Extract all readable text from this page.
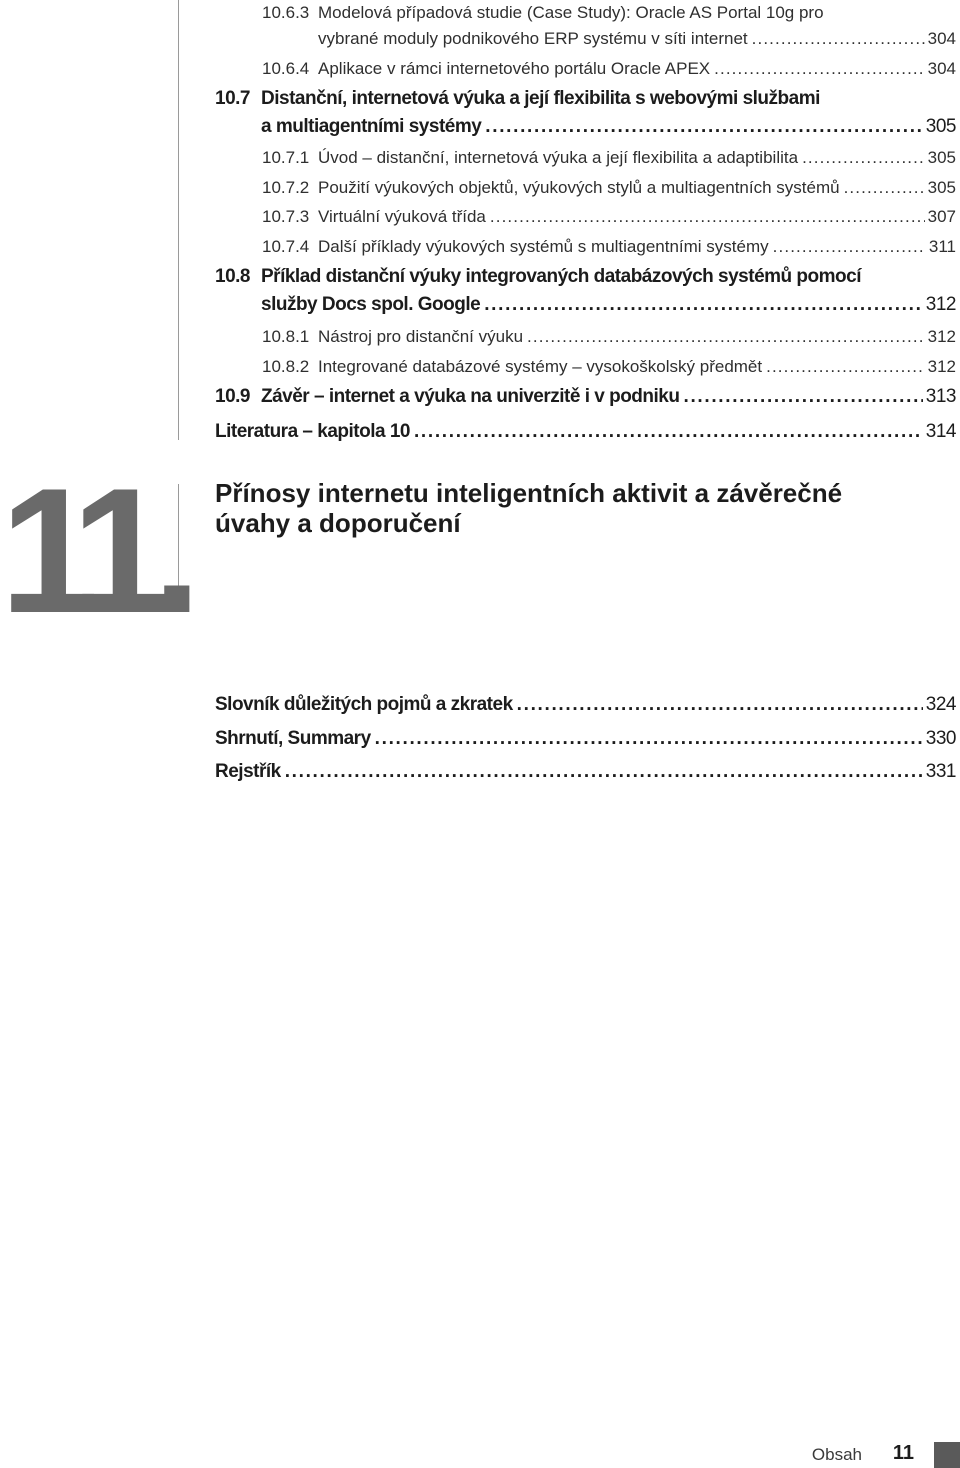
10.6.3 Modelová případová studie (Case Study): Oracle AS Portal 10g pro
vybrané moduly podnikového ERP systému v síti internet . . .	304
10.6.4 Aplikace v rámci internetového portálu Oracle APEX . . .	304
10.7 Distanční, internetová výuka a její flexibilita s webovými službami
a multiagentními systémy . . .	305
10.7.1 Úvod – distanční, internetová výuka a její flexibilita a adaptibilita . . .	305
10.7.2 Použití výukových objektů, výukových stylů a multiagentních systémů . . .	305
10.7.3 Virtuální výuková třída . . .	307
10.7.4 Další příklady výukových systémů s multiagentními systémy . . .	311
10.8 Příklad distanční výuky integrovaných databázových systémů pomocí
služby Docs spol. Google . . .	312
10.8.1 Nástroj pro distanční výuku . . .	312
10.8.2 Integrované databázové systémy – vysokoškolský předmět . . .	312
10.9 Závěr – internet a výuka na univerzitě i v podniku . . .	313
Literatura – kapitola 10 . . .	314
11. Přínosy internetu inteligentních aktivit a závěrečné
úvahy a doporučení
Slovník důležitých pojmů a zkratek . . .	324
Shrnutí, Summary . . .	330
Rejstřík . . .	331
Obsah 11
